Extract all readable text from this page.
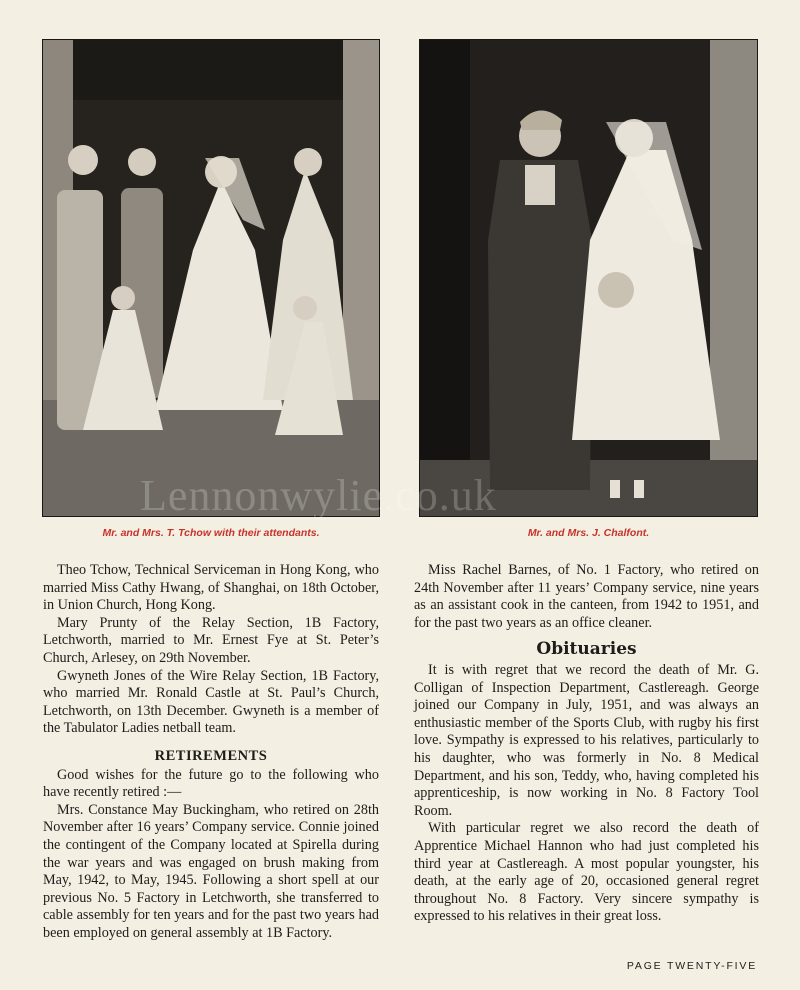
Lennonwylie.co.uk
Mr. and Mrs. T. Tchow with their attendants.	Mr. and Mrs. J. Chalfont.

Theo Tchow, Technical Serviceman in Hong Kong, who married Miss Cathy Hwang, of Shanghai, on 18th October, in Union Church, Hong Kong.

Mary Prunty of the Relay Section, 1B Factory, Letchworth, married to Mr. Ernest Fye at St. Peter’s Church, Arlesey, on 29th November.

Gwyneth Jones of the Wire Relay Section, 1B Factory, who married Mr. Ronald Castle at St. Paul’s Church, Letchworth, on 13th December. Gwyneth is a member of the Tabulator Ladies netball team.

RETIREMENTS

Good wishes for the future go to the following who have recently retired :—

Mrs. Constance May Buckingham, who retired on 28th November after 16 years’ Company service. Connie joined the contingent of the Company located at Spirella during the war years and was engaged on brush making from May, 1942, to May, 1945. Following a short spell at our previous No. 5 Factory in Letchworth, she transferred to cable assembly for ten years and for the past two years had been employed on general assembly at 1B Factory.

Miss Rachel Barnes, of No. 1 Factory, who retired on 24th November after 11 years’ Company service, nine years as an assistant cook in the canteen, from 1942 to 1951, and for the past two years as an office cleaner.

Obituaries

It is with regret that we record the death of Mr. G. Colligan of Inspection Department, Castlereagh. George joined our Company in July, 1951, and was always an enthusiastic member of the Sports Club, with rugby his first love. Sympathy is expressed to his relatives, particularly to his daughter, who was formerly in No. 8 Medical Department, and his son, Teddy, who, having completed his apprenticeship, is now working in No. 8 Factory Tool Room.

With particular regret we also record the death of Apprentice Michael Hannon who had just completed his third year at Castlereagh. A most popular youngster, his death, at the early age of 20, occasioned general regret throughout No. 8 Factory. Very sincere sympathy is expressed to his relatives in their great loss.

PAGE TWENTY-FIVE
